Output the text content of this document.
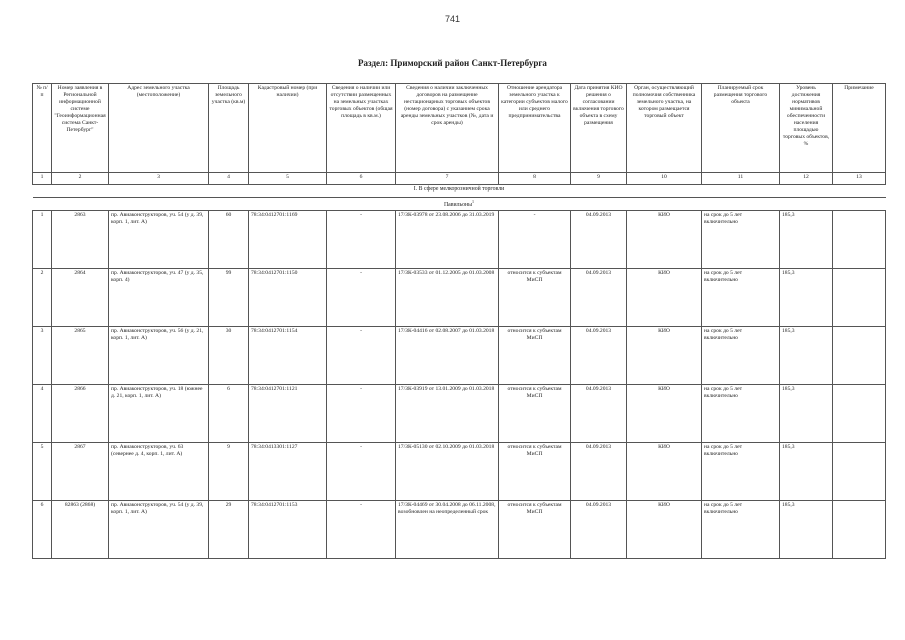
741
Раздел: Приморский район Санкт-Петербурга
№ п/п	Номер заявления в Региональной информационной системе "Геоинформационная система Санкт-Петербург"	Адрес земельного участка (местоположение)	Площадь земельного участка (кв.м)	Кадастровый номер (при наличии)	Сведения о наличии или отсутствии размещенных на земельных участках торговых объектов (общая площадь в кв.м.)	Сведения о наличии заключенных договоров на размещение нестационарных торговых объектов (номер договора) с указанием срока аренды земельных участков (№, дата и срок аренды)	Отношение арендатора земельного участка к категории субъектов малого или среднего предпринимательства	Дата принятия КИО решения о согласовании включения торгового объекта в схему размещения	Орган, осуществляющий полномочия собственника земельного участка, на котором размещается торговый объект	Планируемый срок размещения торгового объекта	Уровень достижения нормативов минимальной обеспеченности населения площадью торговых объектов, %	Примечание
1	2	3	4	5	6	7	8	9	10	11	12	13
I. В сфере мелкорозничной торговли												
Павильоны$^1$
1	2863	пр. Авиаконструкторов, уч. 54 (у д. 39, корп. 1, лит. А)	60	78:34:0412701:1169	-	17/ЗК-03978 от 23.08.2006 до 31.03.2019	-	04.09.2013	КИО	на срок до 5 лет включительно	185,3	
2	2864	пр. Авиаконструкторов, уч. 47 (у д. 35, корп. 4)	99	78:34:0412701:1150	-	17/ЗК-03533 от 01.12.2005 до 01.03.2008	относится к субъектам МиСП	04.09.2013	КИО	на срок до 5 лет включительно	185,3	
3	2865	пр. Авиаконструкторов, уч. 56 (у д. 21, корп. 1, лит. А)	30	78:34:0412701:1154	-	17/ЗК-04416 от 02.08.2007 до 01.03.2018	относится к субъектам МиСП	04.09.2013	КИО	на срок до 5 лет включительно	185,3	
4	2866	пр. Авиаконструкторов, уч. 18 (южнее д. 21, корп. 1, лит. А)	6	78:34:0412701:1121	-	17/ЗК-03919 от 13.01.2009 до 01.03.2018	относится к субъектам МиСП	04.09.2013	КИО	на срок до 5 лет включительно	185,3	
5	2867	пр. Авиаконструкторов, уч. 63 (севернее д. 4, корп. 1, лит. А)	9	78:34:0413301:1127	-	17/ЗК-05130 от 02.10.2009 до 01.03.2018	относится к субъектам МиСП	04.09.2013	КИО	на срок до 5 лет включительно	185,3	
6	82863 (2868)	пр. Авиаконструкторов, уч. 54 (у д. 39, корп. 1, лит. А)	29	78:34:0412701:1153	-	17/ЗК-04469 от 30.04.2008 до 06.11.2008, возобновлен на неопределенный срок	относится к субъектам МиСП	04.09.2013	КИО	на срок до 5 лет включительно	185,3	
